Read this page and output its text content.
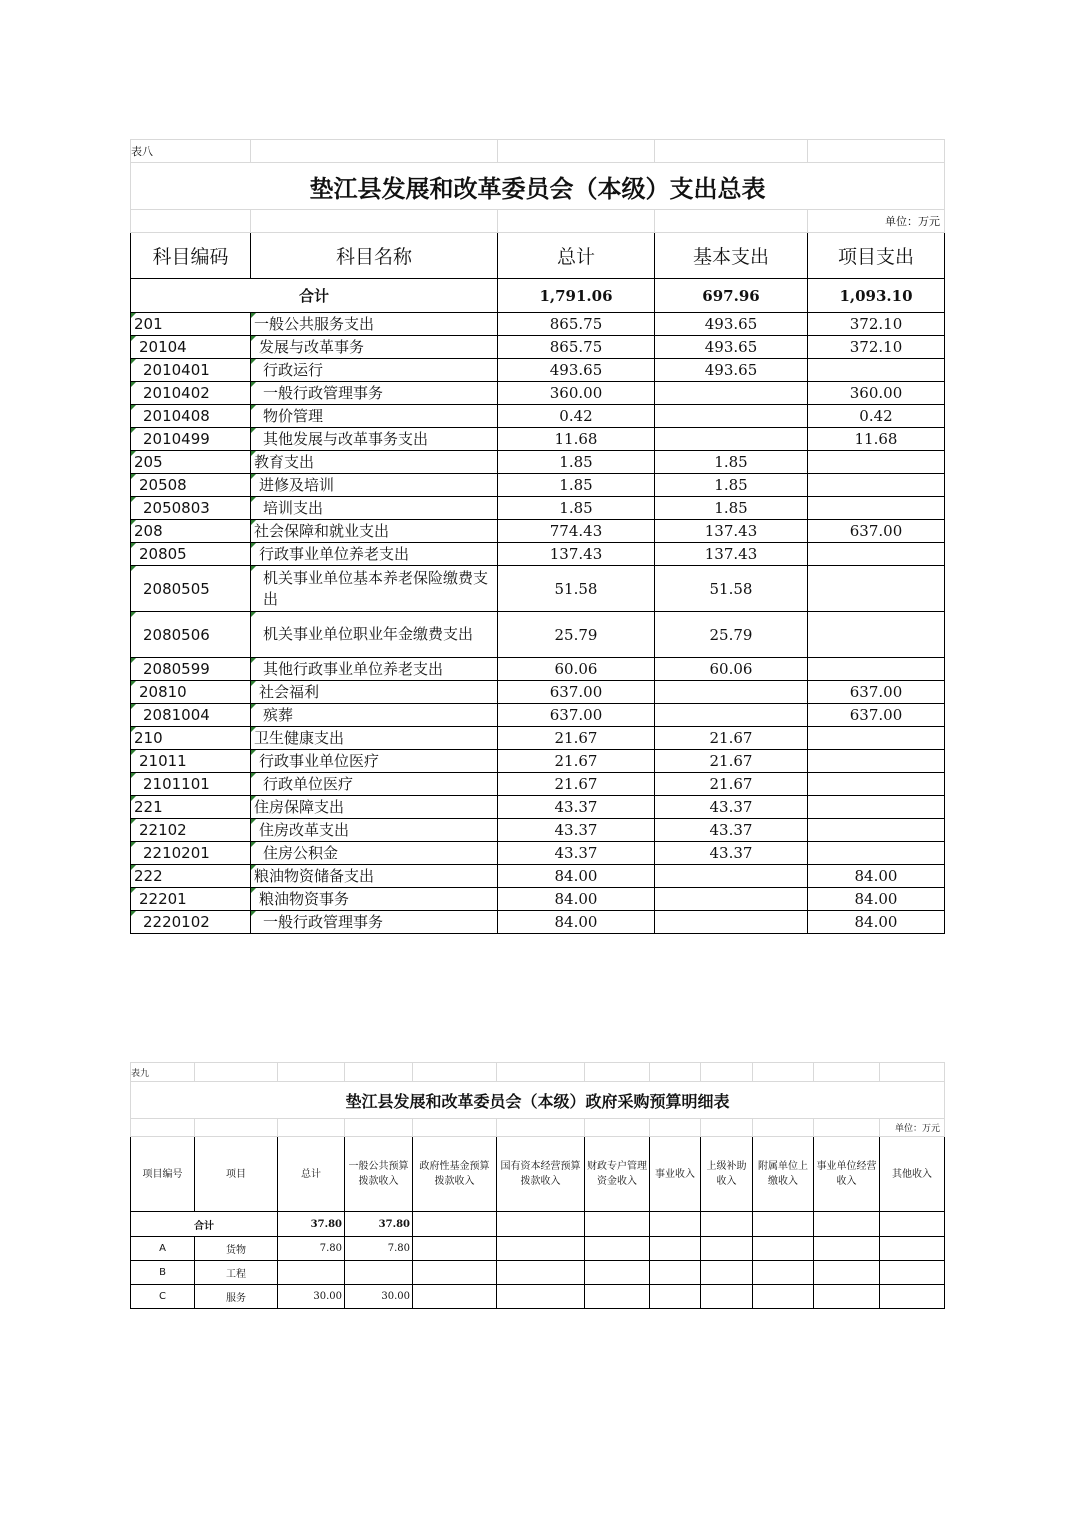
表八				
垫江县发展和改革委员会（本级）支出总表				
				单位：万元
科目编码	科目名称	总计	基本支出	项目支出
合计		1,791.06	697.96	1,093.10
201	一般公共服务支出	865.75	493.65	372.10
20104	发展与改革事务	865.75	493.65	372.10
2010401	行政运行	493.65	493.65	
2010402	一般行政管理事务	360.00		360.00
2010408	物价管理	0.42		0.42
2010499	其他发展与改革事务支出	11.68		11.68
205	教育支出	1.85	1.85	
20508	进修及培训	1.85	1.85	
2050803	培训支出	1.85	1.85	
208	社会保障和就业支出	774.43	137.43	637.00
20805	行政事业单位养老支出	137.43	137.43	
2080505	机关事业单位基本养老保险缴费支出	51.58	51.58	
2080506	机关事业单位职业年金缴费支出	25.79	25.79	
2080599	其他行政事业单位养老支出	60.06	60.06	
20810	社会福利	637.00		637.00
2081004	殡葬	637.00		637.00
210	卫生健康支出	21.67	21.67	
21011	行政事业单位医疗	21.67	21.67	
2101101	行政单位医疗	21.67	21.67	
221	住房保障支出	43.37	43.37	
22102	住房改革支出	43.37	43.37	
2210201	住房公积金	43.37	43.37	
222	粮油物资储备支出	84.00		84.00
22201	粮油物资事务	84.00		84.00
2220102	一般行政管理事务	84.00		84.00
表九											
垫江县发展和改革委员会（本级）政府采购预算明细表											
											单位：万元
项目编号	项目	总计	一般公共预算拨款收入	政府性基金预算拨款收入	国有资本经营预算拨款收入	财政专户管理资金收入	事业收入	上级补助收入	附属单位上缴收入	事业单位经营收入	其他收入
合计		37.80	37.80								
A	货物	7.80	7.80								
B	工程										
C	服务	30.00	30.00								
